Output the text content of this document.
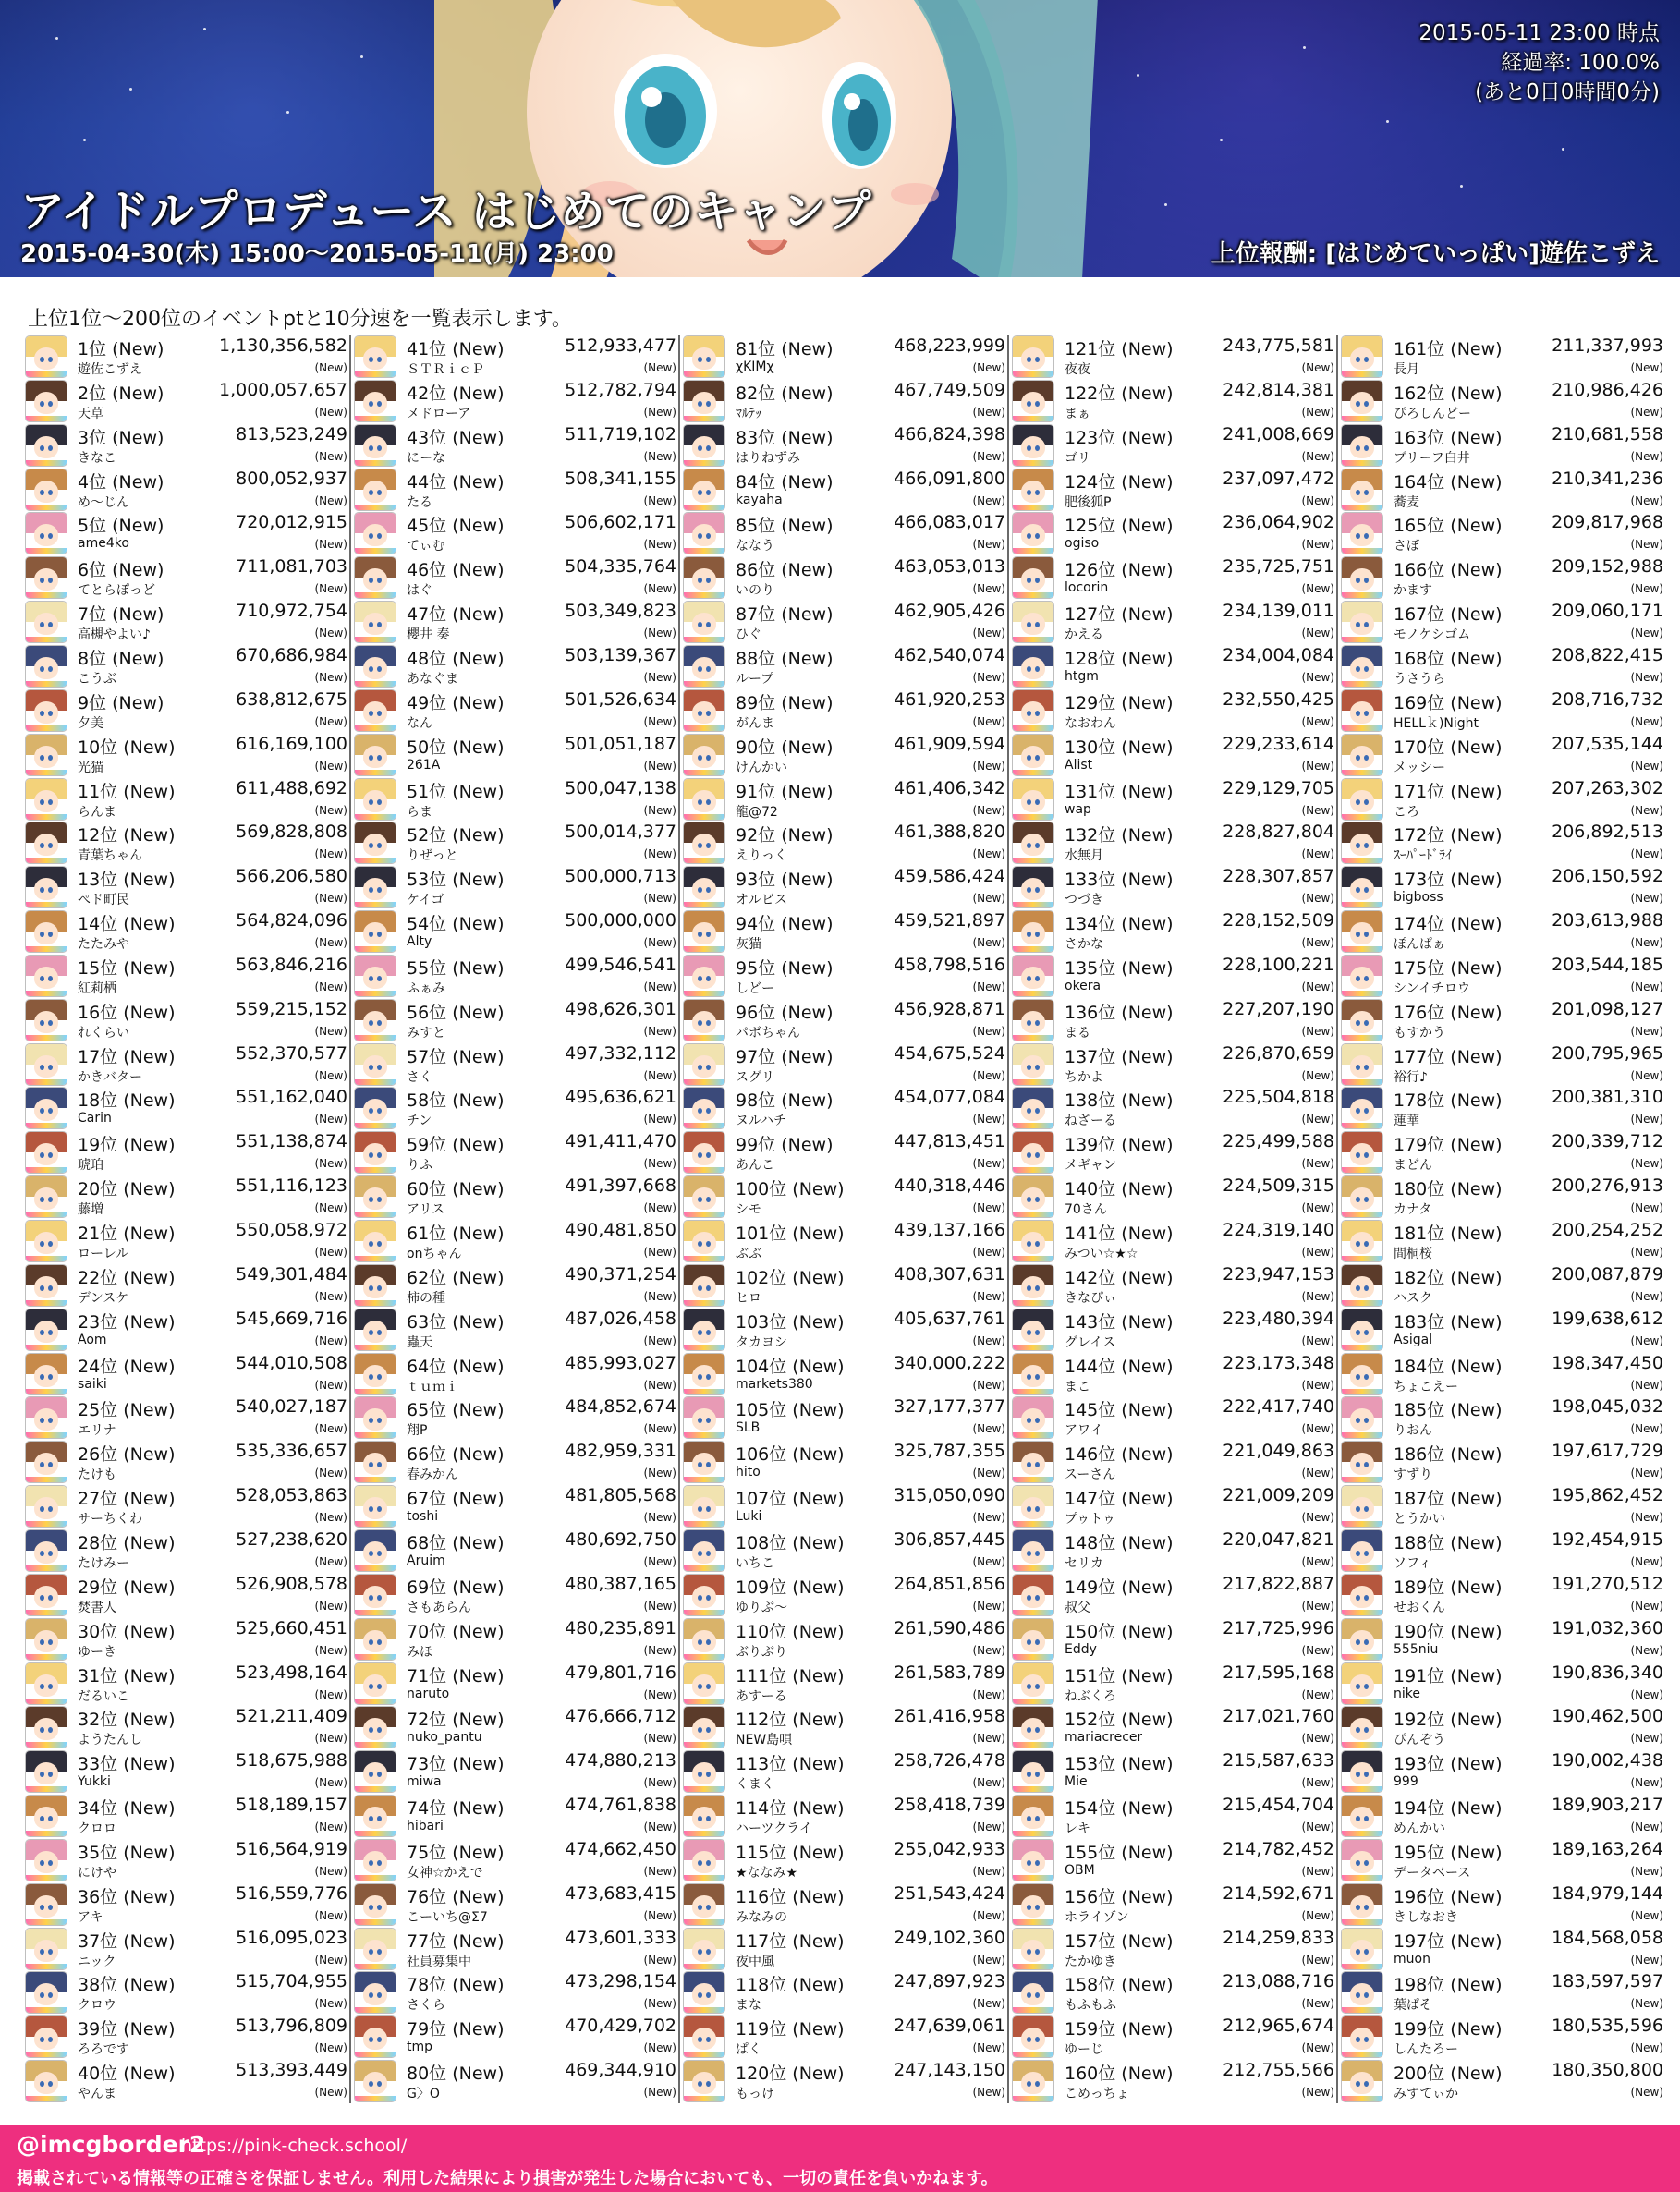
2015-05-11 23:00 時点
経過率: 100.0%
(あと0日0時間0分)
アイドルプロデュース はじめてのキャンプ
2015-04-30(木) 15:00～2015-05-11(月) 23:00	上位報酬: [はじめていっぱい]遊佐こずえ
上位1位～200位のイベントptと10分速を一覧表示します。
1位 (New)	1,130,356,582
遊佐こずえ	(New)
2位 (New)	1,000,057,657
天草	(New)
3位 (New)	813,523,249
きなこ	(New)
4位 (New)	800,052,937
め～じん	(New)
5位 (New)	720,012,915
ame4ko	(New)
6位 (New)	711,081,703
てとらぽっど	(New)
7位 (New)	710,972,754
高槻やよい♪	(New)
8位 (New)	670,686,984
こうぶ	(New)
9位 (New)	638,812,675
夕美	(New)
10位 (New)	616,169,100
光猫	(New)
11位 (New)	611,488,692
らんま	(New)
12位 (New)	569,828,808
青葉ちゃん	(New)
13位 (New)	566,206,580
ぺド町民	(New)
14位 (New)	564,824,096
たたみや	(New)
15位 (New)	563,846,216
紅莉栖	(New)
16位 (New)	559,215,152
れくらい	(New)
17位 (New)	552,370,577
かきバター	(New)
18位 (New)	551,162,040
Carin	(New)
19位 (New)	551,138,874
琥珀	(New)
20位 (New)	551,116,123
藤増	(New)
21位 (New)	550,058,972
ローレル	(New)
22位 (New)	549,301,484
デンスケ	(New)
23位 (New)	545,669,716
Aom	(New)
24位 (New)	544,010,508
saiki	(New)
25位 (New)	540,027,187
エリナ	(New)
26位 (New)	535,336,657
たけも	(New)
27位 (New)	528,053,863
サーちくわ	(New)
28位 (New)	527,238,620
たけみー	(New)
29位 (New)	526,908,578
焚書人	(New)
30位 (New)	525,660,451
ゆーき	(New)
31位 (New)	523,498,164
だるいこ	(New)
32位 (New)	521,211,409
ようたんし	(New)
33位 (New)	518,675,988
Yukki	(New)
34位 (New)	518,189,157
クロロ	(New)
35位 (New)	516,564,919
にけや	(New)
36位 (New)	516,559,776
アキ	(New)
37位 (New)	516,095,023
ニック	(New)
38位 (New)	515,704,955
クロウ	(New)
39位 (New)	513,796,809
ろろです	(New)
40位 (New)	513,393,449
やんま	(New)
41位 (New)	512,933,477
ＳＴＲｉｃＰ	(New)
42位 (New)	512,782,794
メドローア	(New)
43位 (New)	511,719,102
にーな	(New)
44位 (New)	508,341,155
たる	(New)
45位 (New)	506,602,171
てぃむ	(New)
46位 (New)	504,335,764
はぐ	(New)
47位 (New)	503,349,823
櫻井 奏	(New)
48位 (New)	503,139,367
あなぐま	(New)
49位 (New)	501,526,634
なん	(New)
50位 (New)	501,051,187
261A	(New)
51位 (New)	500,047,138
らま	(New)
52位 (New)	500,014,377
りぜっと	(New)
53位 (New)	500,000,713
ケイゴ	(New)
54位 (New)	500,000,000
Alty	(New)
55位 (New)	499,546,541
ふぁみ	(New)
56位 (New)	498,626,301
みすと	(New)
57位 (New)	497,332,112
さく	(New)
58位 (New)	495,636,621
チン	(New)
59位 (New)	491,411,470
りふ	(New)
60位 (New)	491,397,668
アリス	(New)
61位 (New)	490,481,850
onちゃん	(New)
62位 (New)	490,371,254
柿の種	(New)
63位 (New)	487,026,458
蟲天	(New)
64位 (New)	485,993,027
ｔｕｍｉ	(New)
65位 (New)	484,852,674
翔P	(New)
66位 (New)	482,959,331
春みかん	(New)
67位 (New)	481,805,568
toshi	(New)
68位 (New)	480,692,750
Aruim	(New)
69位 (New)	480,387,165
さもあらん	(New)
70位 (New)	480,235,891
みほ	(New)
71位 (New)	479,801,716
naruto	(New)
72位 (New)	476,666,712
nuko_pantu	(New)
73位 (New)	474,880,213
miwa	(New)
74位 (New)	474,761,838
hibari	(New)
75位 (New)	474,662,450
女神☆かえで	(New)
76位 (New)	473,683,415
こーいち@Σ7	(New)
77位 (New)	473,601,333
社員募集中	(New)
78位 (New)	473,298,154
さくら	(New)
79位 (New)	470,429,702
tmp	(New)
80位 (New)	469,344,910
G〉O	(New)
81位 (New)	468,223,999
χKIMχ	(New)
82位 (New)	467,749,509
ﾏﾙﾃｯ	(New)
83位 (New)	466,824,398
はりねずみ	(New)
84位 (New)	466,091,800
kayaha	(New)
85位 (New)	466,083,017
ななう	(New)
86位 (New)	463,053,013
いのり	(New)
87位 (New)	462,905,426
ひぐ	(New)
88位 (New)	462,540,074
ループ	(New)
89位 (New)	461,920,253
がんま	(New)
90位 (New)	461,909,594
けんかい	(New)
91位 (New)	461,406,342
龍@72	(New)
92位 (New)	461,388,820
えりっく	(New)
93位 (New)	459,586,424
オルビス	(New)
94位 (New)	459,521,897
灰猫	(New)
95位 (New)	458,798,516
しどー	(New)
96位 (New)	456,928,871
パボちゃん	(New)
97位 (New)	454,675,524
スグリ	(New)
98位 (New)	454,077,084
ヌルハチ	(New)
99位 (New)	447,813,451
あんこ	(New)
100位 (New)	440,318,446
シモ	(New)
101位 (New)	439,137,166
ぶぶ	(New)
102位 (New)	408,307,631
ヒロ	(New)
103位 (New)	405,637,761
タカヨシ	(New)
104位 (New)	340,000,222
markets380	(New)
105位 (New)	327,177,377
SLB	(New)
106位 (New)	325,787,355
hito	(New)
107位 (New)	315,050,090
Luki	(New)
108位 (New)	306,857,445
いちこ	(New)
109位 (New)	264,851,856
ゆりぶ～	(New)
110位 (New)	261,590,486
ぶりぶり	(New)
111位 (New)	261,583,789
あすーる	(New)
112位 (New)	261,416,958
NEW島唄	(New)
113位 (New)	258,726,478
くまく	(New)
114位 (New)	258,418,739
ハーツクライ	(New)
115位 (New)	255,042,933
★ななみ★	(New)
116位 (New)	251,543,424
みなみの	(New)
117位 (New)	249,102,360
夜中風	(New)
118位 (New)	247,897,923
まな	(New)
119位 (New)	247,639,061
ぱく	(New)
120位 (New)	247,143,150
もっけ	(New)
121位 (New)	243,775,581
夜夜	(New)
122位 (New)	242,814,381
まぁ	(New)
123位 (New)	241,008,669
ゴリ	(New)
124位 (New)	237,097,472
肥後狐P	(New)
125位 (New)	236,064,902
ogiso	(New)
126位 (New)	235,725,751
locorin	(New)
127位 (New)	234,139,011
かえる	(New)
128位 (New)	234,004,084
htgm	(New)
129位 (New)	232,550,425
なおわん	(New)
130位 (New)	229,233,614
Alist	(New)
131位 (New)	229,129,705
wap	(New)
132位 (New)	228,827,804
水無月	(New)
133位 (New)	228,307,857
つづき	(New)
134位 (New)	228,152,509
さかな	(New)
135位 (New)	228,100,221
okera	(New)
136位 (New)	227,207,190
まる	(New)
137位 (New)	226,870,659
ちかよ	(New)
138位 (New)	225,504,818
ねざーる	(New)
139位 (New)	225,499,588
メギャン	(New)
140位 (New)	224,509,315
70さん	(New)
141位 (New)	224,319,140
みつい☆★☆	(New)
142位 (New)	223,947,153
きなぴぃ	(New)
143位 (New)	223,480,394
グレイス	(New)
144位 (New)	223,173,348
まこ	(New)
145位 (New)	222,417,740
アワイ	(New)
146位 (New)	221,049,863
スーさん	(New)
147位 (New)	221,009,209
プゥトゥ	(New)
148位 (New)	220,047,821
セリカ	(New)
149位 (New)	217,822,887
叔父	(New)
150位 (New)	217,725,996
Eddy	(New)
151位 (New)	217,595,168
ねぶくろ	(New)
152位 (New)	217,021,760
mariacrecer	(New)
153位 (New)	215,587,633
Mie	(New)
154位 (New)	215,454,704
レキ	(New)
155位 (New)	214,782,452
OBM	(New)
156位 (New)	214,592,671
ホライゾン	(New)
157位 (New)	214,259,833
たかゆき	(New)
158位 (New)	213,088,716
もふもふ	(New)
159位 (New)	212,965,674
ゆーじ	(New)
160位 (New)	212,755,566
こめっちょ	(New)
161位 (New)	211,337,993
長月	(New)
162位 (New)	210,986,426
ぴろしんどー	(New)
163位 (New)	210,681,558
ブリーフ白井	(New)
164位 (New)	210,341,236
蕎麦	(New)
165位 (New)	209,817,968
さぼ	(New)
166位 (New)	209,152,988
かます	(New)
167位 (New)	209,060,171
モノケシゴム	(New)
168位 (New)	208,822,415
うさうら	(New)
169位 (New)	208,716,732
HELLｋ)Night	(New)
170位 (New)	207,535,144
メッシー	(New)
171位 (New)	207,263,302
ころ	(New)
172位 (New)	206,892,513
ｽｰﾊﾟｰﾄﾞﾗｲ	(New)
173位 (New)	206,150,592
bigboss	(New)
174位 (New)	203,613,988
ぽんぱぁ	(New)
175位 (New)	203,544,185
シンイチロウ	(New)
176位 (New)	201,098,127
もすかう	(New)
177位 (New)	200,795,965
裕行♪	(New)
178位 (New)	200,381,310
蓮華	(New)
179位 (New)	200,339,712
まどん	(New)
180位 (New)	200,276,913
カナタ	(New)
181位 (New)	200,254,252
間桐桜	(New)
182位 (New)	200,087,879
ハスク	(New)
183位 (New)	199,638,612
Asigal	(New)
184位 (New)	198,347,450
ちょこえー	(New)
185位 (New)	198,045,032
りおん	(New)
186位 (New)	197,617,729
すずり	(New)
187位 (New)	195,862,452
とうかい	(New)
188位 (New)	192,454,915
ソフィ	(New)
189位 (New)	191,270,512
せおくん	(New)
190位 (New)	191,032,360
555niu	(New)
191位 (New)	190,836,340
nike	(New)
192位 (New)	190,462,500
ぴんぞう	(New)
193位 (New)	190,002,438
999	(New)
194位 (New)	189,903,217
めんかい	(New)
195位 (New)	189,163,264
データベース	(New)
196位 (New)	184,979,144
きしなおき	(New)
197位 (New)	184,568,058
muon	(New)
198位 (New)	183,597,597
葉ぱそ	(New)
199位 (New)	180,535,596
しんたろー	(New)
200位 (New)	180,350,800
みすてぃか	(New)
@imcgborder2
https://pink-check.school/
掲載されている情報等の正確さを保証しません。利用した結果により損害が発生した場合においても、一切の責任を負いかねます。
